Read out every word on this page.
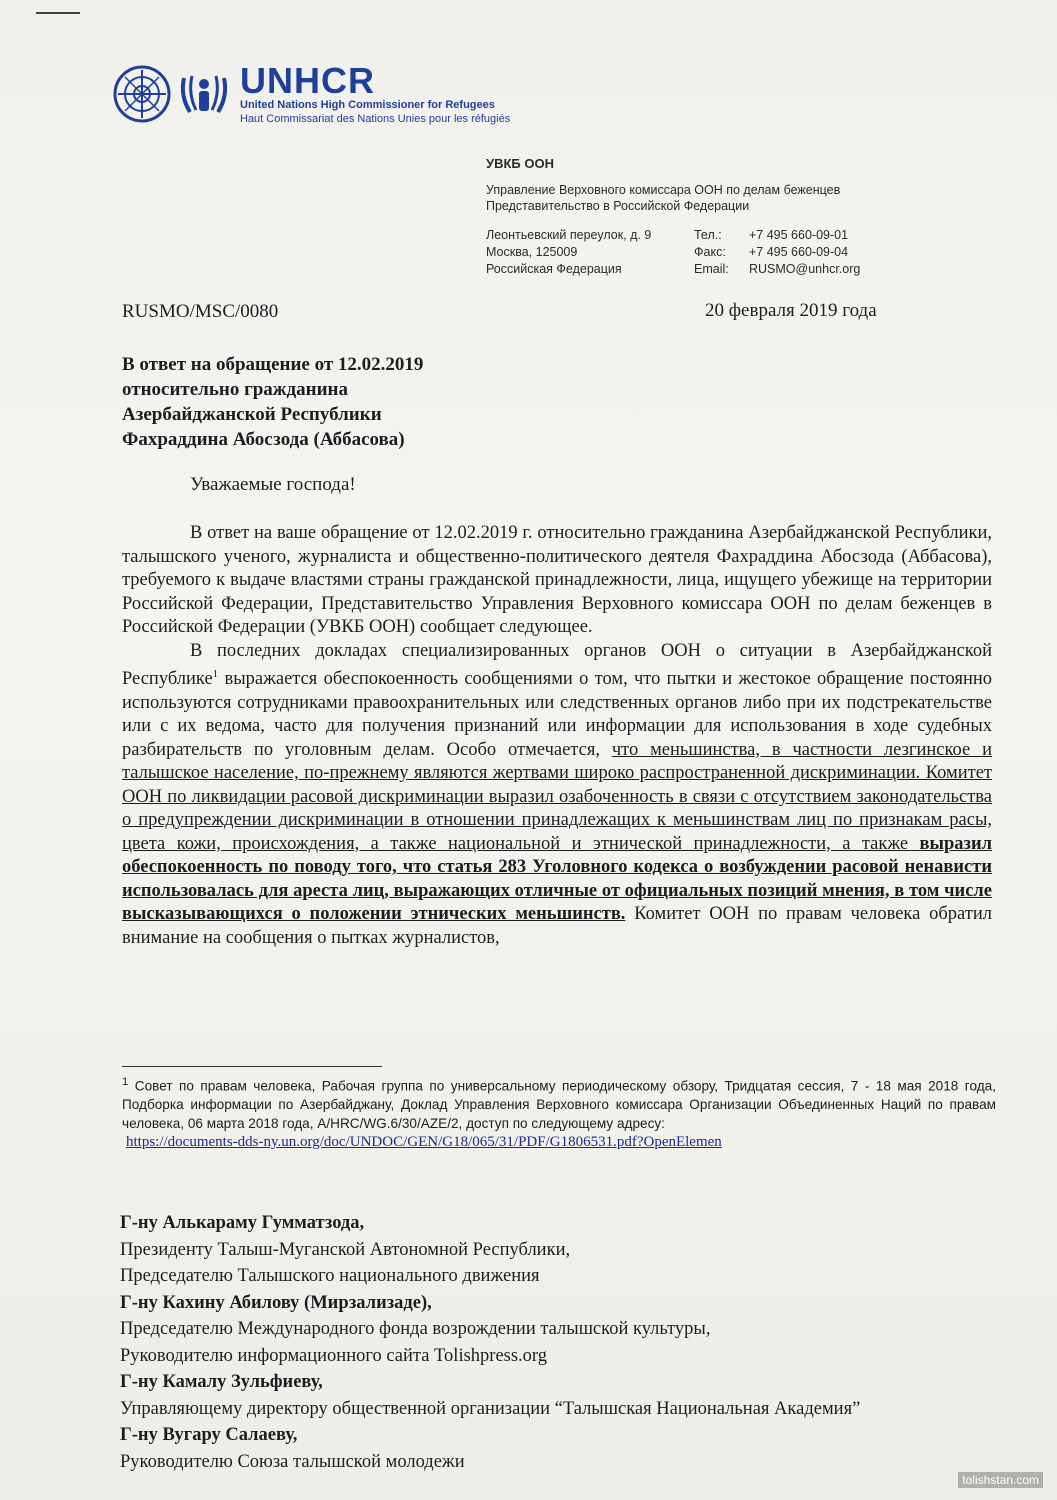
UNHCR
United Nations High Commissioner for Refugees
Haut Commissariat des Nations Unies pour les réfugiés
УВКБ ООН
Управление Верховного комиссара ООН по делам беженцев
Представительство в Российской Федерации
Леонтьевский переулок, д. 9
Москва, 125009
Российская Федерация
Тел.: +7 495 660-09-01
Факс: +7 495 660-09-04
Email: RUSMO@unhcr.org
RUSMO/MSC/0080	20 февраля 2019 года
В ответ на обращение от 12.02.2019
относительно гражданина
Азербайджанской Республики
Фахраддина Абосзода (Аббасова)
Уважаемые господа!

В ответ на ваше обращение от 12.02.2019 г. относительно гражданина Азербайджанской Республики, талышского ученого, журналиста и общественно-политического деятеля Фахраддина Абосзода (Аббасова), требуемого к выдаче властями страны гражданской принадлежности, лица, ищущего убежище на территории Российской Федерации, Представительство Управления Верховного комиссара ООН по делам беженцев в Российской Федерации (УВКБ ООН) сообщает следующее.

В последних докладах специализированных органов ООН о ситуации в Азербайджанской Республике$^1$ выражается обеспокоенность сообщениями о том, что пытки и жестокое обращение постоянно используются сотрудниками правоохранительных или следственных органов либо при их подстрекательстве или с их ведома, часто для получения признаний или информации для использования в ходе судебных разбирательств по уголовным делам. Особо отмечается, что меньшинства, в частности лезгинское и талышское население, по-прежнему являются жертвами широко распространенной дискриминации. Комитет ООН по ликвидации расовой дискриминации выразил озабоченность в связи с отсутствием законодательства о предупреждении дискриминации в отношении принадлежащих к меньшинствам лиц по признакам расы, цвета кожи, происхождения, а также национальной и этнической принадлежности, а также выразил обеспокоенность по поводу того, что статья 283 Уголовного кодекса о возбуждении расовой ненависти использовалась для ареста лиц, выражающих отличные от официальных позиций мнения, в том числе высказывающихся о положении этнических меньшинств. Комитет ООН по правам человека обратил внимание на сообщения о пытках журналистов,

$^1$ Совет по правам человека, Рабочая группа по универсальному периодическому обзору, Тридцатая сессия, 7 - 18 мая 2018 года, Подборка информации по Азербайджану, Доклад Управления Верховного комиссара Организации Объединенных Наций по правам человека, 06 марта 2018 года, A/HRC/WG.6/30/AZE/2, доступ по следующему адресу:
https://documents-dds-ny.un.org/doc/UNDOC/GEN/G18/065/31/PDF/G1806531.pdf?OpenElemen
Г-ну Алькараму Гумматзода,
Президенту Талыш-Муганской Автономной Республики,
Председателю Талышского национального движения
Г-ну Кахину Абилову (Мирзализаде),
Председателю Международного фонда возрождении талышской культуры,
Руководителю информационного сайта Tolishpress.org
Г-ну Камалу Зульфиеву,
Управляющему директору общественной организации “Талышская Национальная Академия”
Г-ну Вугару Салаеву,
Руководителю Союза талышской молодежи
tolishstan.com
